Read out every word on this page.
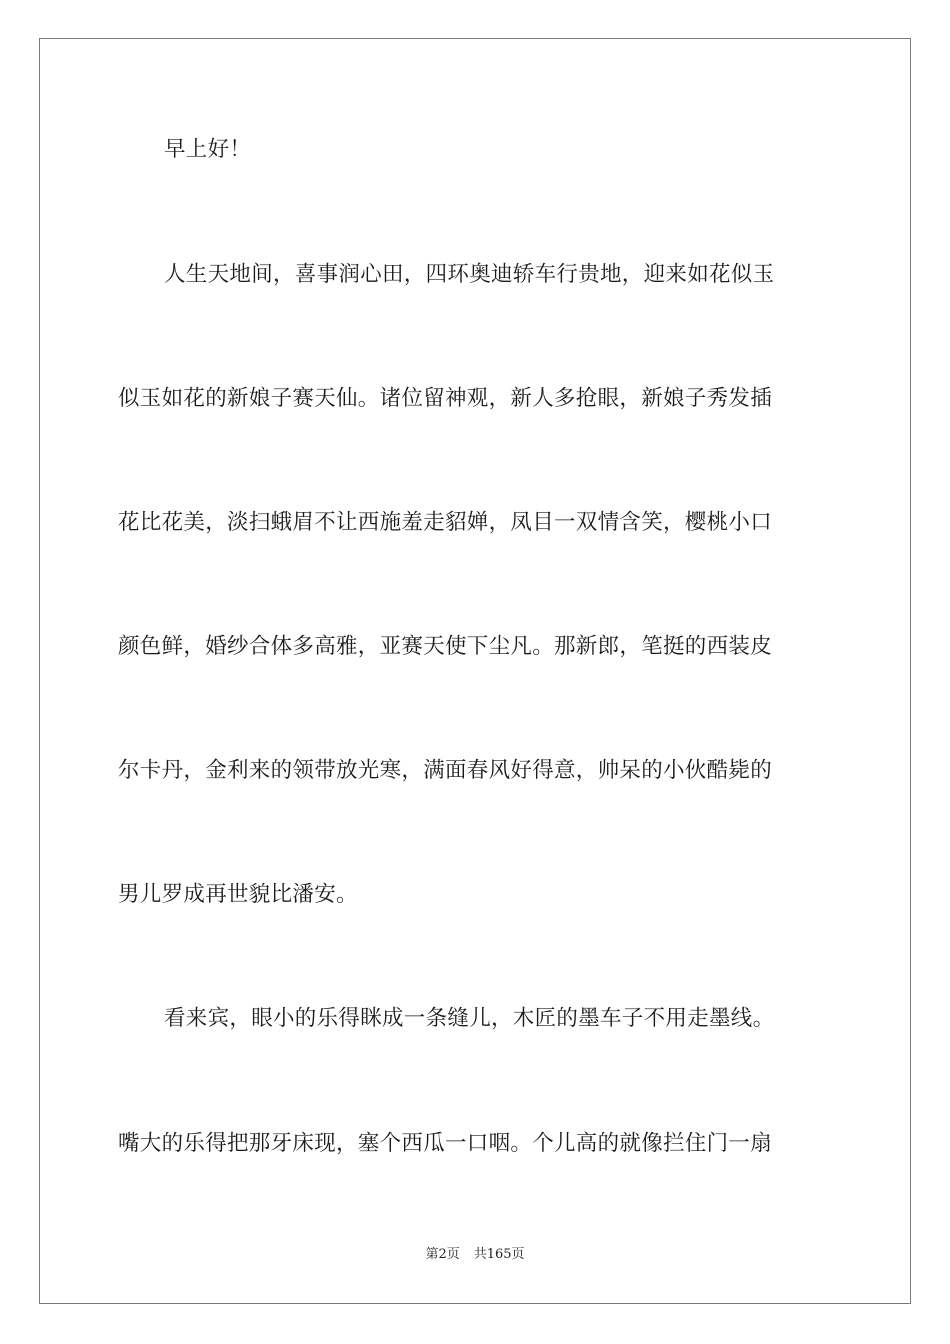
早上好！

人生天地间，喜事润心田，四环奥迪轿车行贵地，迎来如花似玉

似玉如花的新娘子赛天仙。诸位留神观，新人多抢眼，新娘子秀发插

花比花美，淡扫蛾眉不让西施羞走貂婵，凤目一双情含笑，樱桃小口

颜色鲜，婚纱合体多高雅，亚赛天使下尘凡。那新郎，笔挺的西装皮

尔卡丹，金利来的领带放光寒，满面春风好得意，帅呆的小伙酷毙的

男儿罗成再世貌比潘安。

看来宾，眼小的乐得眯成一条缝儿，木匠的墨车子不用走墨线。

嘴大的乐得把那牙床现，塞个西瓜一口咽。个儿高的就像拦住门一扇

第2页 共165页
